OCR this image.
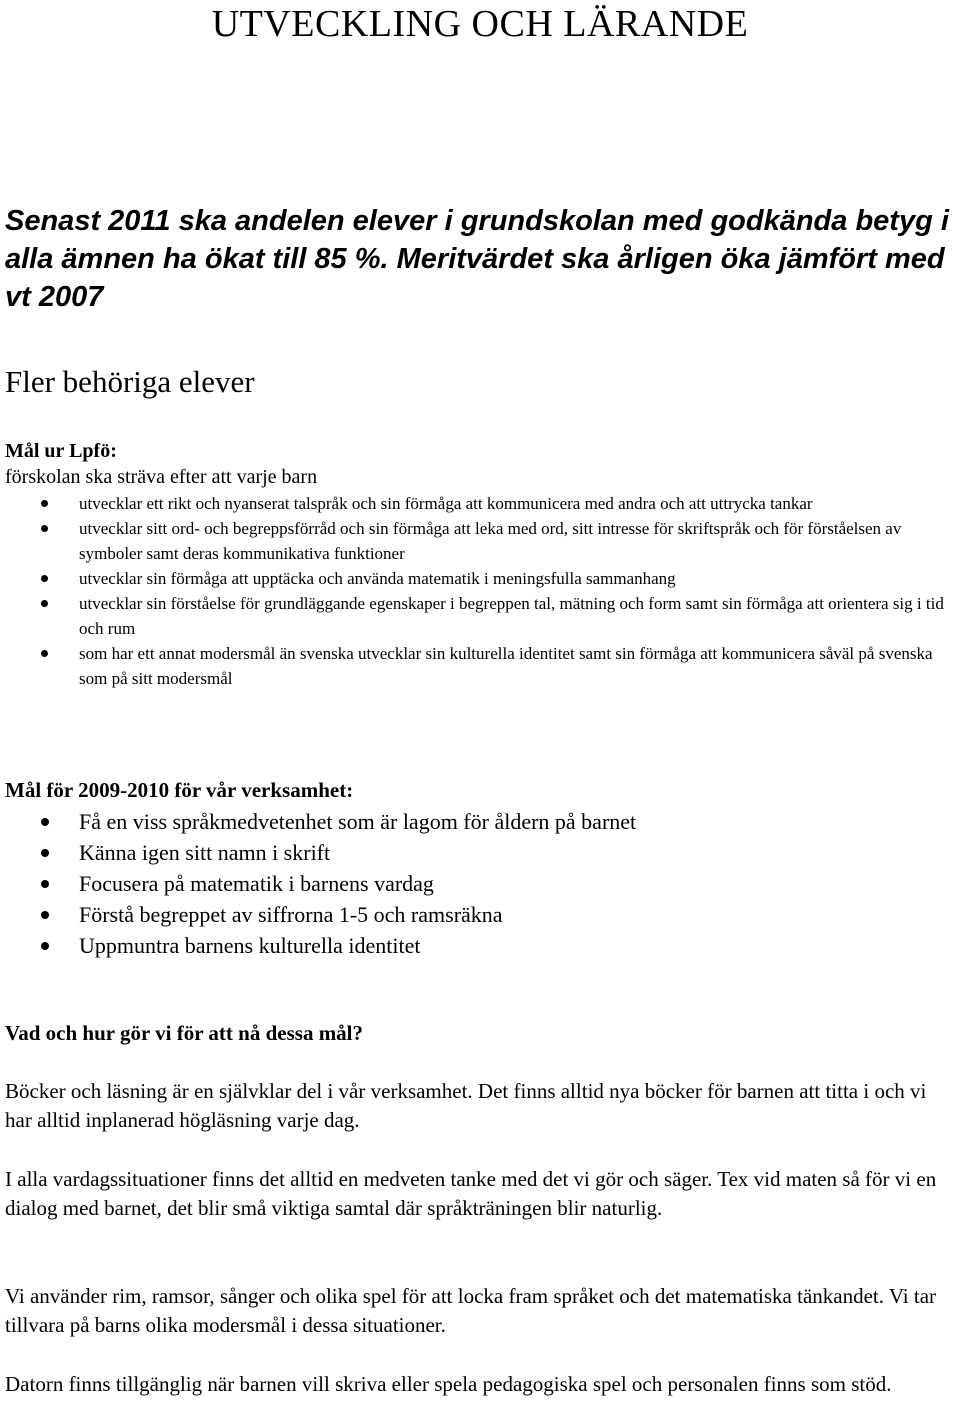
UTVECKLING OCH LÄRANDE

Senast 2011 ska andelen elever i grundskolan med godkända betyg i alla ämnen ha ökat till 85 %. Meritvärdet ska årligen öka jämfört med vt 2007

Fler behöriga elever

Mål ur Lpfö:

förskolan ska sträva efter att varje barn

utvecklar ett rikt och nyanserat talspråk och sin förmåga att kommunicera med andra och att uttrycka tankar
utvecklar sitt ord- och begreppsförråd och sin förmåga att leka med ord, sitt intresse för skriftspråk och för förståelsen av symboler samt deras kommunikativa funktioner
utvecklar sin förmåga att upptäcka och använda matematik i meningsfulla sammanhang
utvecklar sin förståelse för grundläggande egenskaper i begreppen tal, mätning och form samt sin förmåga att orientera sig i tid och rum
som har ett annat modersmål än svenska utvecklar sin kulturella identitet samt sin förmåga att kommunicera såväl på svenska som på sitt modersmål

Mål för 2009-2010 för vår verksamhet:

Få en viss språkmedvetenhet som är lagom för åldern på barnet
Känna igen sitt namn i skrift
Focusera på matematik i barnens vardag
Förstå begreppet av siffrorna 1-5 och ramsräkna
Uppmuntra barnens kulturella identitet

Vad och hur gör vi för att nå dessa mål?

Böcker och läsning är en självklar del i vår verksamhet. Det finns alltid nya böcker för barnen att titta i och vi har alltid inplanerad högläsning varje dag.

I alla vardagssituationer finns det alltid en medveten tanke med det vi gör och säger. Tex vid maten så för vi en dialog med barnet, det blir små viktiga samtal där språkträningen blir naturlig.

Vi använder rim, ramsor, sånger och olika spel för att locka fram språket och det matematiska tänkandet. Vi tar tillvara på barns olika modersmål i dessa situationer.

Datorn finns tillgänglig när barnen vill skriva eller spela pedagogiska spel och personalen finns som stöd.
